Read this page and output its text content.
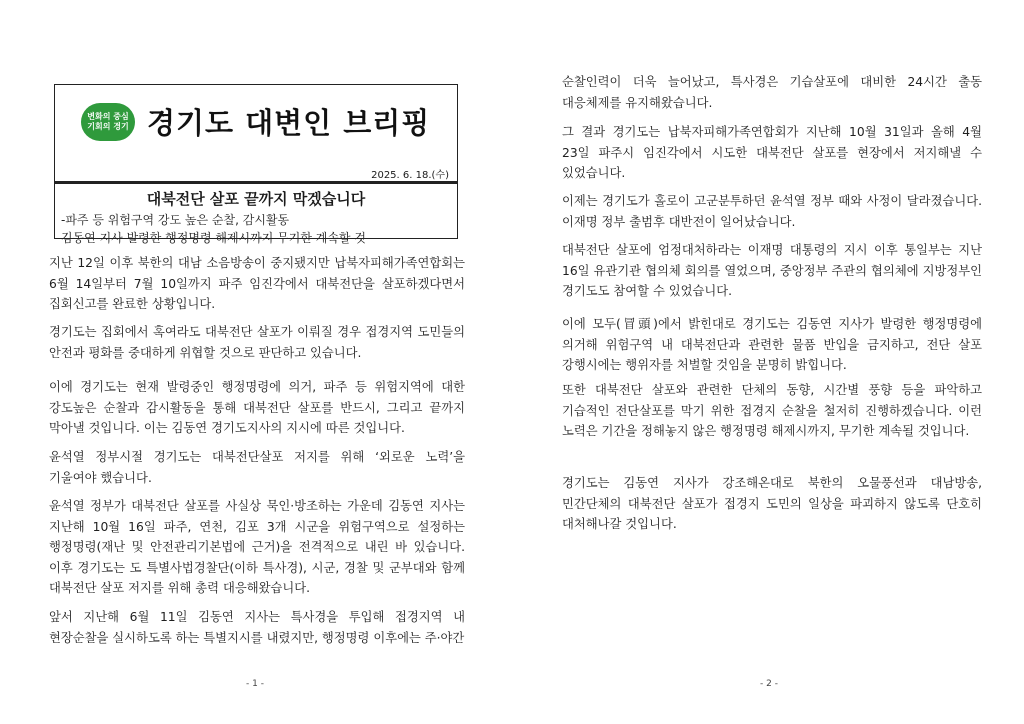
변화의 중심
기회의 경기 경기도 대변인 브리핑
2025. 6. 18.(수)
대북전단 살포 끝까지 막겠습니다
-파주 등 위험구역 강도 높은 순찰, 감시활동
김동연 지사 발령한 행정명령 해제시까지 무기한 계속할 것

지난 12일 이후 북한의 대남 소음방송이 중지됐지만 납북자피해가족연합회는 6월 14일부터 7월 10일까지 파주 임진각에서 대북전단을 살포하겠다면서 집회신고를 완료한 상황입니다.

경기도는 집회에서 혹여라도 대북전단 살포가 이뤄질 경우 접경지역 도민들의 안전과 평화를 중대하게 위협할 것으로 판단하고 있습니다.

이에 경기도는 현재 발령중인 행정명령에 의거, 파주 등 위험지역에 대한 강도높은 순찰과 감시활동을 통해 대북전단 살포를 반드시, 그리고 끝까지 막아낼 것입니다. 이는 김동연 경기도지사의 지시에 따른 것입니다.

윤석열 정부시절 경기도는 대북전단살포 저지를 위해 ‘외로운 노력’을 기울여야 했습니다.

윤석열 정부가 대북전단 살포를 사실상 묵인·방조하는 가운데 김동연 지사는 지난해 10월 16일 파주, 연천, 김포 3개 시군을 위험구역으로 설정하는 행정명령(재난 및 안전관리기본법에 근거)을 전격적으로 내린 바 있습니다. 이후 경기도는 도 특별사법경찰단(이하 특사경), 시군, 경찰 및 군부대와 함께 대북전단 살포 저지를 위해 총력 대응해왔습니다.

앞서 지난해 6월 11일 김동연 지사는 특사경을 투입해 접경지역 내 현장순찰을 실시하도록 하는 특별지시를 내렸지만, 행정명령 이후에는 주·야간

- 1 -

순찰인력이 더욱 늘어났고, 특사경은 기습살포에 대비한 24시간 출동 대응체제를 유지해왔습니다.

그 결과 경기도는 납북자피해가족연합회가 지난해 10월 31일과 올해 4월 23일 파주시 임진각에서 시도한 대북전단 살포를 현장에서 저지해낼 수 있었습니다.

이제는 경기도가 홀로이 고군분투하던 윤석열 정부 때와 사정이 달라졌습니다. 이재명 정부 출범후 대반전이 일어났습니다.

대북전단 살포에 엄정대처하라는 이재명 대통령의 지시 이후 통일부는 지난 16일 유관기관 협의체 회의를 열었으며, 중앙정부 주관의 협의체에 지방정부인 경기도도 참여할 수 있었습니다.

이에 모두(冒頭)에서 밝힌대로 경기도는 김동연 지사가 발령한 행정명령에 의거해 위험구역 내 대북전단과 관련한 물품 반입을 금지하고, 전단 살포 강행시에는 행위자를 처벌할 것임을 분명히 밝힙니다.

또한 대북전단 살포와 관련한 단체의 동향, 시간별 풍향 등을 파악하고 기습적인 전단살포를 막기 위한 접경지 순찰을 철저히 진행하겠습니다. 이런 노력은 기간을 정해놓지 않은 행정명령 해제시까지, 무기한 계속될 것입니다.

경기도는 김동연 지사가 강조해온대로 북한의 오물풍선과 대남방송, 민간단체의 대북전단 살포가 접경지 도민의 일상을 파괴하지 않도록 단호히 대처해나갈 것입니다.

- 2 -
